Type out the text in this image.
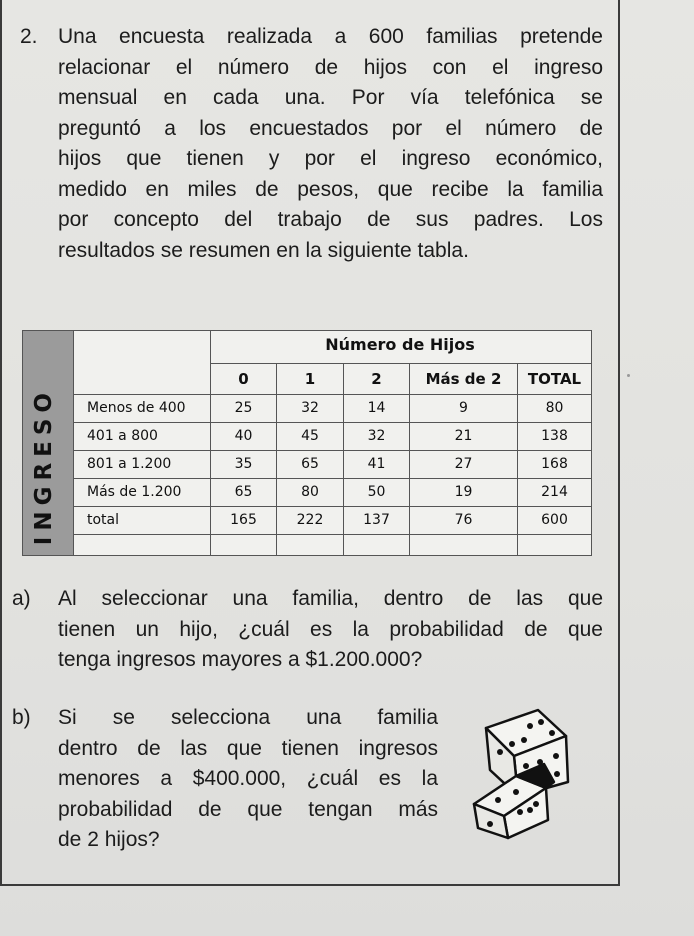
2. Una encuesta realizada a 600 familias pretende
relacionar el número de hijos con el ingreso
mensual en cada una. Por vía telefónica se
preguntó a los encuestados por el número de
hijos que tienen y por el ingreso económico,
medido en miles de pesos, que recibe la familia
por concepto del trabajo de sus padres. Los
resultados se resumen en la siguiente tabla.

INGRESO
Número de Hijos
0	1	2	Más de 2	TOTAL
Menos de 400	25	32	14	9	80
401 a 800	40	45	32	21	138
801 a 1.200	35	65	41	27	168
Más de 1.200	65	80	50	19	214
total	165	222	137	76	600

a) Al seleccionar una familia, dentro de las que
tienen un hijo, ¿cuál es la probabilidad de que
tenga ingresos mayores a $1.200.000?

b) Si se selecciona una familia
dentro de las que tienen ingresos
menores a $400.000, ¿cuál es la
probabilidad de que tengan más
de 2 hijos?
